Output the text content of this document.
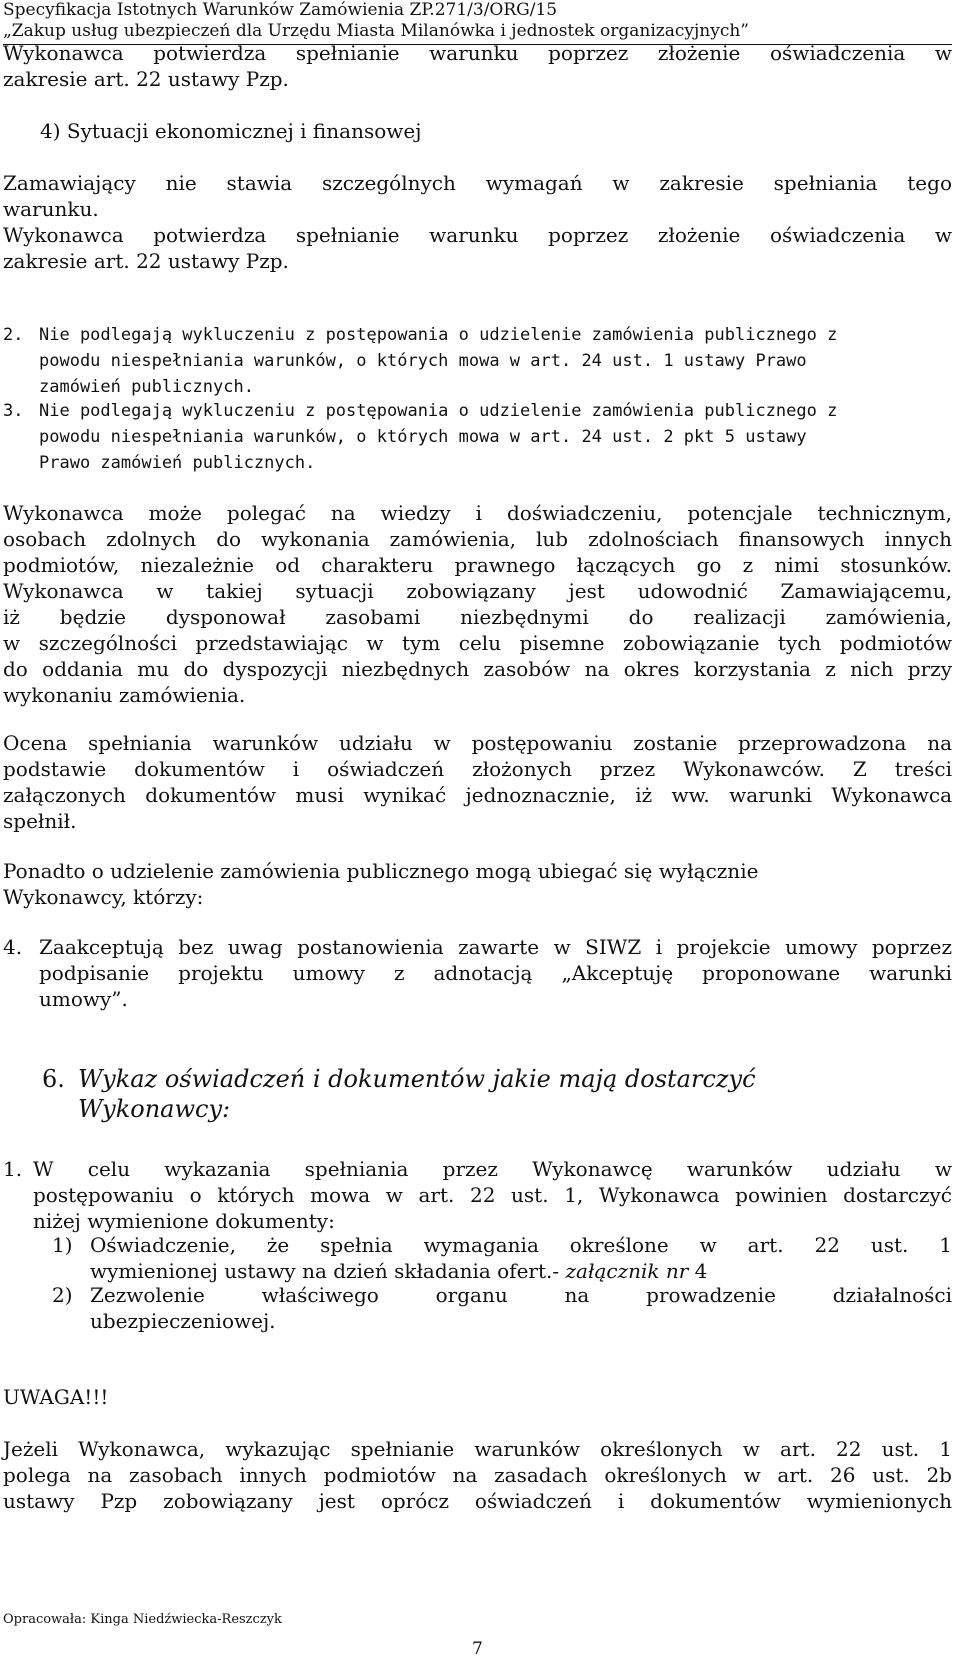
Specyfikacja Istotnych Warunków Zamówienia ZP.271/3/ORG/15
„Zakup usług ubezpieczeń dla Urzędu Miasta Milanówka i jednostek organizacyjnych”
Wykonawca potwierdza spełnianie warunku poprzez złożenie oświadczenia w
zakresie art. 22 ustawy Pzp.
4) Sytuacji ekonomicznej i finansowej
Zamawiający nie stawia szczególnych wymagań w zakresie spełniania tego
warunku.
Wykonawca potwierdza spełnianie warunku poprzez złożenie oświadczenia w
zakresie art. 22 ustawy Pzp.
2. Nie podlegają wykluczeniu z postępowania o udzielenie zamówienia publicznego z
powodu niespełniania warunków, o których mowa w art. 24 ust. 1 ustawy Prawo
zamówień publicznych.
3. Nie podlegają wykluczeniu z postępowania o udzielenie zamówienia publicznego z
powodu niespełniania warunków, o których mowa w art. 24 ust. 2 pkt 5 ustawy
Prawo zamówień publicznych.
Wykonawca może polegać na wiedzy i doświadczeniu, potencjale technicznym,
osobach zdolnych do wykonania zamówienia, lub zdolnościach finansowych innych
podmiotów, niezależnie od charakteru prawnego łączących go z nimi stosunków.
Wykonawca w takiej sytuacji zobowiązany jest udowodnić Zamawiającemu,
iż będzie dysponował zasobami niezbędnymi do realizacji zamówienia,
w szczególności przedstawiając w tym celu pisemne zobowiązanie tych podmiotów
do oddania mu do dyspozycji niezbędnych zasobów na okres korzystania z nich przy
wykonaniu zamówienia.
Ocena spełniania warunków udziału w postępowaniu zostanie przeprowadzona na
podstawie dokumentów i oświadczeń złożonych przez Wykonawców. Z treści
załączonych dokumentów musi wynikać jednoznacznie, iż ww. warunki Wykonawca
spełnił.
Ponadto o udzielenie zamówienia publicznego mogą ubiegać się wyłącznie
Wykonawcy, którzy:
4. Zaakceptują bez uwag postanowienia zawarte w SIWZ i projekcie umowy poprzez
podpisanie projektu umowy z adnotacją „Akceptuję proponowane warunki
umowy”.
6. Wykaz oświadczeń i dokumentów jakie mają dostarczyć
Wykonawcy:
1. W celu wykazania spełniania przez Wykonawcę warunków udziału w
postępowaniu o których mowa w art. 22 ust. 1, Wykonawca powinien dostarczyć
niżej wymienione dokumenty:
1) Oświadczenie, że spełnia wymagania określone w art. 22 ust. 1
wymienionej ustawy na dzień składania ofert.- załącznik nr 4
2) Zezwolenie właściwego organu na prowadzenie działalności
ubezpieczeniowej.
UWAGA!!!
Jeżeli Wykonawca, wykazując spełnianie warunków określonych w art. 22 ust. 1
polega na zasobach innych podmiotów na zasadach określonych w art. 26 ust. 2b
ustawy Pzp zobowiązany jest oprócz oświadczeń i dokumentów wymienionych
Opracowała: Kinga Niedźwiecka-Reszczyk
7
